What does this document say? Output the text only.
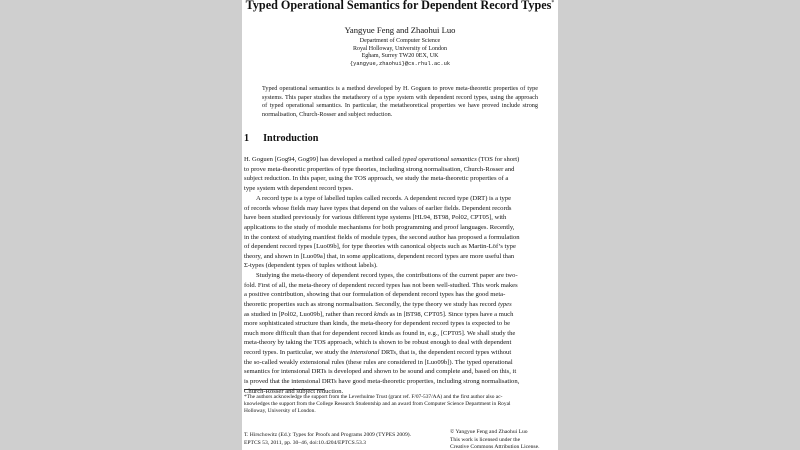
Typed Operational Semantics for Dependent Record Types*
Yangyue Feng and Zhaohui Luo
Department of Computer Science
Royal Holloway, University of London
Egham, Surrey TW20 0EX, UK
{yangyue,zhaohui}@cs.rhul.ac.uk
Typed operational semantics is a method developed by H. Goguen to prove meta-theoretic properties of type systems. This paper studies the metatheory of a type system with dependent record types, using the approach of typed operational semantics. In particular, the metatheoretical properties we have proved include strong normalisation, Church-Rosser and subject reduction.
1 Introduction
H. Goguen [Gog94, Gog99] has developed a method called typed operational semantics (TOS for short)
to prove meta-theoretic properties of type theories, including strong normalisation, Church-Rosser and
subject reduction. In this paper, using the TOS approach, we study the meta-theoretic properties of a
type system with dependent record types.
A record type is a type of labelled tuples called records. A dependent record type (DRT) is a type
of records whose fields may have types that depend on the values of earlier fields. Dependent records
have been studied previously for various different type systems [HL94, BT98, Pol02, CPT05], with
applications to the study of module mechanisms for both programming and proof languages. Recently,
in the context of studying manifest fields of module types, the second author has proposed a formulation
of dependent record types [Luo09b], for type theories with canonical objects such as Martin-Löf’s type
theory, and shown in [Luo09a] that, in some applications, dependent record types are more useful than
Σ-types (dependent types of tuples without labels).
Studying the meta-theory of dependent record types, the contributions of the current paper are two-
fold. First of all, the meta-theory of dependent record types has not been well-studied. This work makes
a positive contribution, showing that our formulation of dependent record types has the good meta-
theoretic properties such as strong normalisation. Secondly, the type theory we study has record types
as studied in [Pol02, Luo09b], rather than record kinds as in [BT98, CPT05]. Since types have a much
more sophisticated structure than kinds, the meta-theory for dependent record types is expected to be
much more difficult than that for dependent record kinds as found in, e.g., [CPT05]. We shall study the
meta-theory by taking the TOS approach, which is shown to be robust enough to deal with dependent
record types. In particular, we study the intensional DRTs, that is, the dependent record types without
the so-called weakly extensional rules (these rules are considered in [Luo09b]). The typed operational
semantics for intensional DRTs is developed and shown to be sound and complete and, based on this, it
is proved that the intensional DRTs have good meta-theoretic properties, including strong normalisation,
Church-Rosser and subject reduction.
*The authors acknowledge the support from the Leverhulme Trust (grant ref. F/07-537/AA) and the first author also ac-
knowledges the support from the College Research Studentship and an award from Computer Science Department in Royal
Holloway, University of London.
T. Hirschowitz (Ed.): Types for Proofs and Programs 2009 (TYPES 2009).
EPTCS 53, 2011, pp. 30–46, doi:10.4204/EPTCS.53.3
© Yangyue Feng and Zhaohui Luo
This work is licensed under the
Creative Commons Attribution License.
